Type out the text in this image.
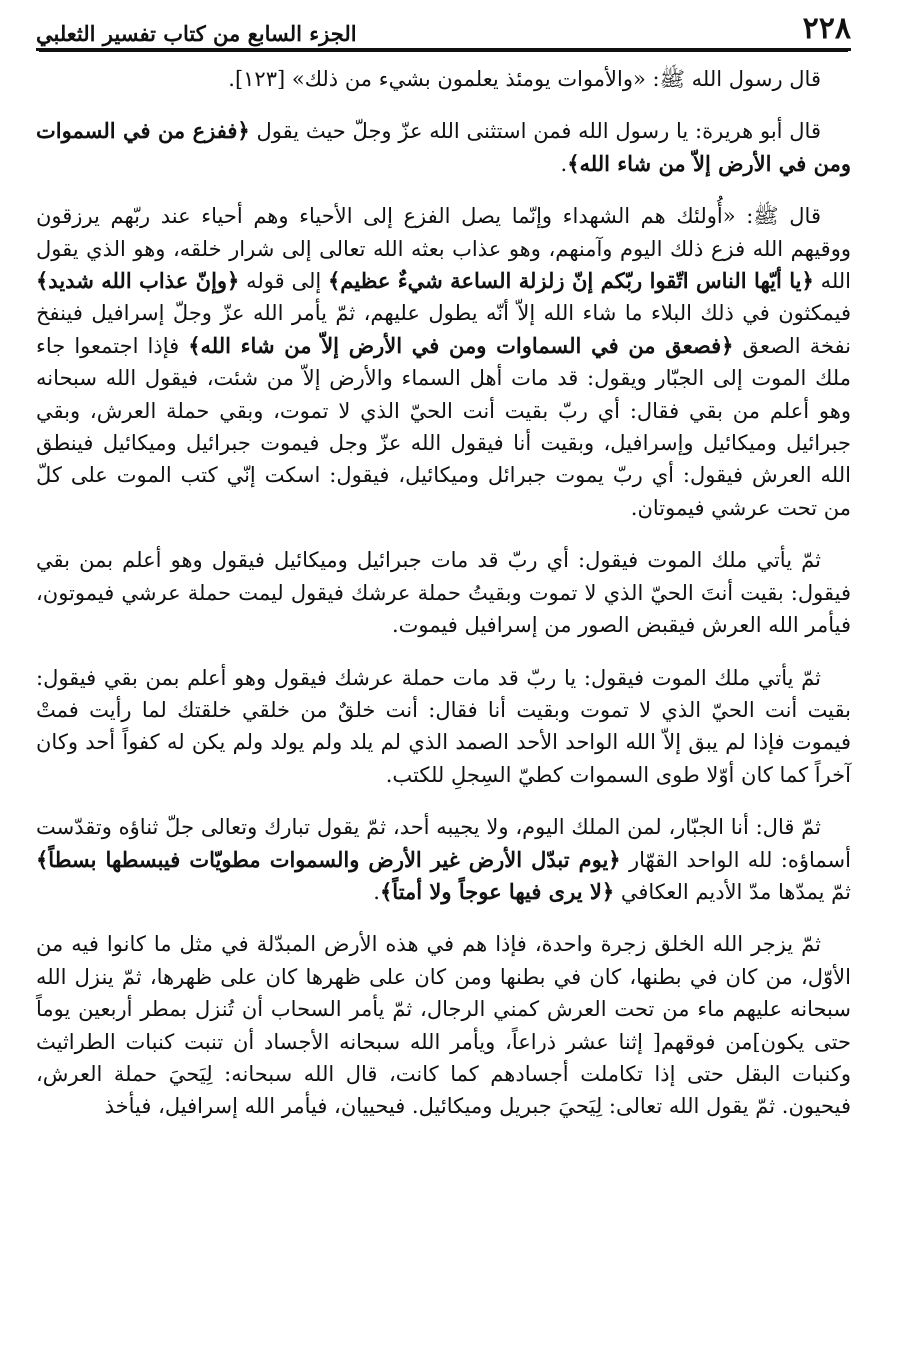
٢٢٨
الجزء السابع من كتاب تفسير الثعلبي

قال رسول الله ﷺ: «والأموات يومئذ يعلمون بشيء من ذلك» [١٢٣].

قال أبو هريرة: يا رسول الله فمن استثنى الله عزّ وجلّ حيث يقول ﴿ففزع من في السموات ومن في الأرض إلاّ من شاء الله﴾.

قال ﷺ: «أُولئك هم الشهداء وإنّما يصل الفزع إلى الأحياء وهم أحياء عند ربّهم يرزقون ووقيهم الله فزع ذلك اليوم وآمنهم، وهو عذاب بعثه الله تعالى إلى شرار خلقه، وهو الذي يقول الله ﴿يا أيّها الناس اتّقوا ربّكم إنّ زلزلة الساعة شيءٌ عظيم﴾ إلى قوله ﴿وإنّ عذاب الله شديد﴾ فيمكثون في ذلك البلاء ما شاء الله إلاّ أنّه يطول عليهم، ثمّ يأمر الله عزّ وجلّ إسرافيل فينفخ نفخة الصعق ﴿فصعق من في السماوات ومن في الأرض إلاّ من شاء الله﴾ فإذا اجتمعوا جاء ملك الموت إلى الجبّار ويقول: قد مات أهل السماء والأرض إلاّ من شئت، فيقول الله سبحانه وهو أعلم من بقي فقال: أي ربّ بقيت أنت الحيّ الذي لا تموت، وبقي حملة العرش، وبقي جبرائيل وميكائيل وإسرافيل، وبقيت أنا فيقول الله عزّ وجل فيموت جبرائيل وميكائيل فينطق الله العرش فيقول: أي ربّ يموت جبرائل وميكائيل، فيقول: اسكت إنّي كتب الموت على كلّ من تحت عرشي فيموتان.

ثمّ يأتي ملك الموت فيقول: أي ربّ قد مات جبرائيل وميكائيل فيقول وهو أعلم بمن بقي فيقول: بقيت أنتَ الحيّ الذي لا تموت وبقيتُ حملة عرشك فيقول ليمت حملة عرشي فيموتون، فيأمر الله العرش فيقبض الصور من إسرافيل فيموت.

ثمّ يأتي ملك الموت فيقول: يا ربّ قد مات حملة عرشك فيقول وهو أعلم بمن بقي فيقول: بقيت أنت الحيّ الذي لا تموت وبقيت أنا فقال: أنت خلقٌ من خلقي خلقتك لما رأيت فمتْ فيموت فإذا لم يبق إلاّ الله الواحد الأحد الصمد الذي لم يلد ولم يولد ولم يكن له كفواً أحد وكان آخراً كما كان أوّلا طوى السموات كطيّ السِجلِ للكتب.

ثمّ قال: أنا الجبّار، لمن الملك اليوم، ولا يجيبه أحد، ثمّ يقول تبارك وتعالى جلّ ثناؤه وتقدّست أسماؤه: لله الواحد القهّار ﴿يوم تبدّل الأرض غير الأرض والسموات مطويّات فيبسطها بسطاً﴾ ثمّ يمدّها مدّ الأديم العكافي ﴿لا يرى فيها عوجاً ولا أمتاً﴾.

ثمّ يزجر الله الخلق زجرة واحدة، فإذا هم في هذه الأرض المبدّلة في مثل ما كانوا فيه من الأوّل، من كان في بطنها، كان في بطنها ومن كان على ظهرها كان على ظهرها، ثمّ ينزل الله سبحانه عليهم ماء من تحت العرش كمني الرجال، ثمّ يأمر السحاب أن تُنزل بمطر أربعين يوماً حتى يكون]من فوقهم[ إثنا عشر ذراعاً، ويأمر الله سبحانه الأجساد أن تنبت كنبات الطراثيث وكنبات البقل حتى إذا تكاملت أجسادهم كما كانت، قال الله سبحانه: لِيَحيَ حملة العرش، فيحيون. ثمّ يقول الله تعالى: لِيَحيَ جبريل وميكائيل. فيحييان، فيأمر الله إسرافيل، فيأخذ
